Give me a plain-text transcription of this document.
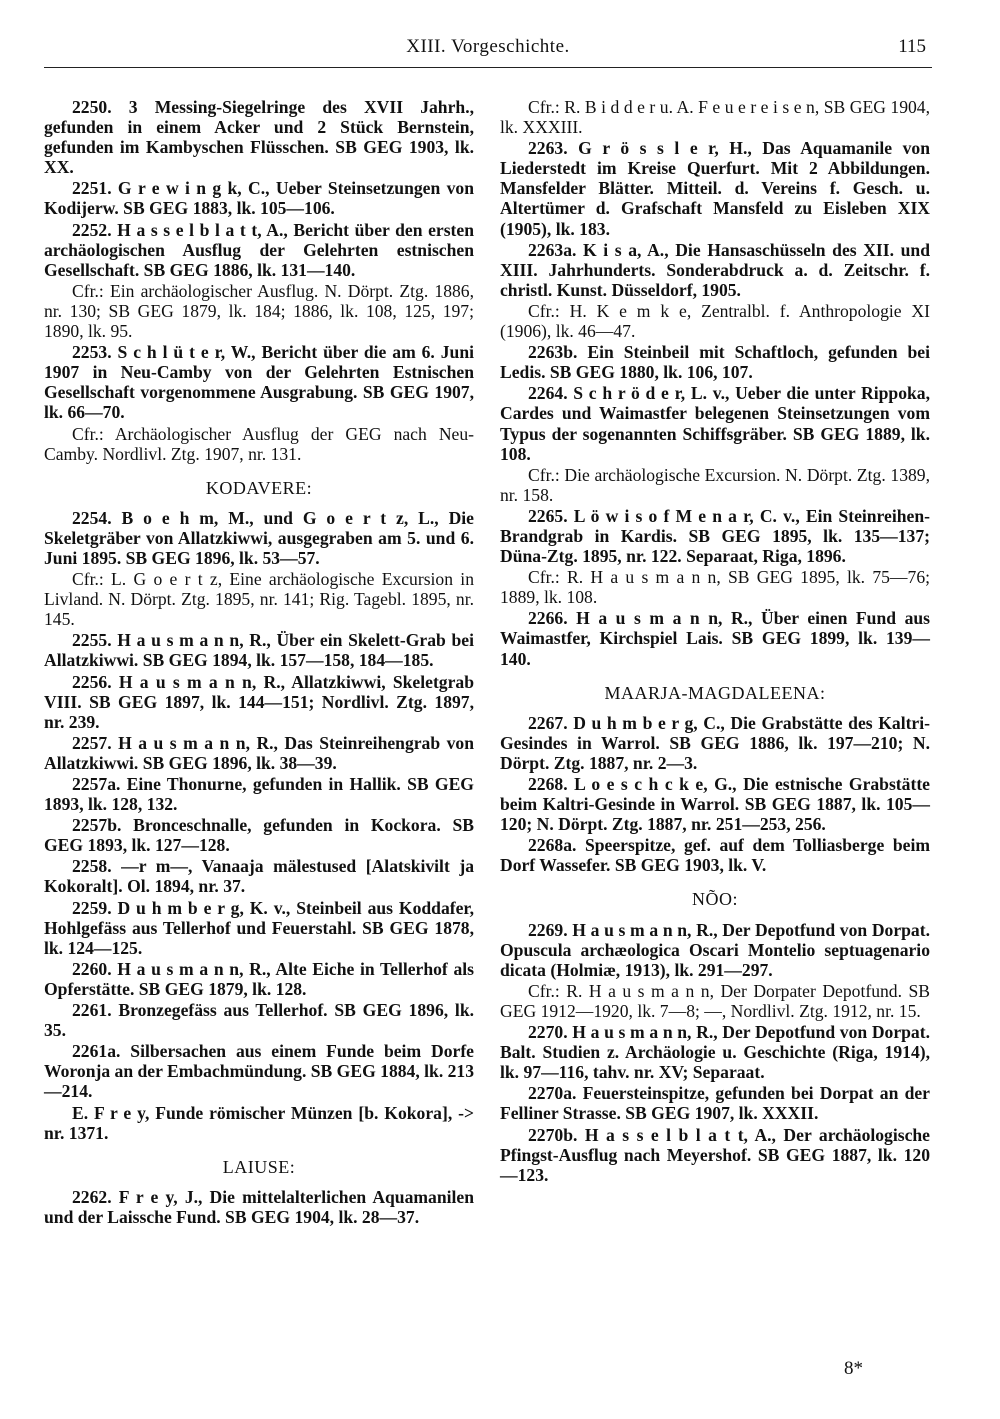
XIII. Vorgeschichte.	115

2250. 3 Messing-Siegelringe des XVII Jahrh., gefunden in einem Acker und 2 Stück Bernstein, gefunden im Kambyschen Flüsschen. SB GEG 1903, lk. XX.

2251. G r e w i n g k, C., Ueber Steinsetzungen von Kodijerw. SB GEG 1883, lk. 105—106.

2252. H a s s e l b l a t t, A., Bericht über den ersten archäologischen Ausflug der Gelehrten estnischen Gesellschaft. SB GEG 1886, lk. 131—140.

Cfr.: Ein archäologischer Ausflug. N. Dörpt. Ztg. 1886, nr. 130; SB GEG 1879, lk. 184; 1886, lk. 108, 125, 197; 1890, lk. 95.

2253. S c h l ü t e r, W., Bericht über die am 6. Juni 1907 in Neu-Camby von der Gelehrten Estnischen Gesellschaft vorgenommene Ausgrabung. SB GEG 1907, lk. 66—70.

Cfr.: Archäologischer Ausflug der GEG nach Neu-Camby. Nordlivl. Ztg. 1907, nr. 131.

KODAVERE:

2254. B o e h m, M., und G o e r t z, L., Die Skeletgräber von Allatzkiwwi, ausgegraben am 5. und 6. Juni 1895. SB GEG 1896, lk. 53—57.

Cfr.: L. G o e r t z, Eine archäologische Excursion in Livland. N. Dörpt. Ztg. 1895, nr. 141; Rig. Tagebl. 1895, nr. 145.

2255. H a u s m a n n, R., Über ein Skelett-Grab bei Allatzkiwwi. SB GEG 1894, lk. 157—158, 184—185.

2256. H a u s m a n n, R., Allatzkiwwi, Skeletgrab VIII. SB GEG 1897, lk. 144—151; Nordlivl. Ztg. 1897, nr. 239.

2257. H a u s m a n n, R., Das Steinreihengrab von Allatzkiwwi. SB GEG 1896, lk. 38—39.

2257a. Eine Thonurne, gefunden in Hallik. SB GEG 1893, lk. 128, 132.

2257b. Bronceschnalle, gefunden in Kockora. SB GEG 1893, lk. 127—128.

2258. —r m—, Vanaaja mälestused [Alatskivilt ja Kokoralt]. Ol. 1894, nr. 37.

2259. D u h m b e r g, K. v., Steinbeil aus Koddafer, Hohlgefäss aus Tellerhof und Feuerstahl. SB GEG 1878, lk. 124—125.

2260. H a u s m a n n, R., Alte Eiche in Tellerhof als Opferstätte. SB GEG 1879, lk. 128.

2261. Bronzegefäss aus Tellerhof. SB GEG 1896, lk. 35.

2261a. Silbersachen aus einem Funde beim Dorfe Woronja an der Embachmündung. SB GEG 1884, lk. 213—214.

E. F r e y, Funde römischer Münzen [b. Kokora], -> nr. 1371.

LAIUSE:

2262. F r e y, J., Die mittelalterlichen Aquamanilen und der Laissche Fund. SB GEG 1904, lk. 28—37.

Cfr.: R. B i d d e r u. A. F e u e r e i s e n, SB GEG 1904, lk. XXXIII.

2263. G r ö s s l e r, H., Das Aquamanile von Liederstedt im Kreise Querfurt. Mit 2 Abbildungen. Mansfelder Blätter. Mitteil. d. Vereins f. Gesch. u. Altertümer d. Grafschaft Mansfeld zu Eisleben XIX (1905), lk. 183.

2263a. K i s a, A., Die Hansaschüsseln des XII. und XIII. Jahrhunderts. Sonderabdruck a. d. Zeitschr. f. christl. Kunst. Düsseldorf, 1905.

Cfr.: H. K e m k e, Zentralbl. f. Anthropologie XI (1906), lk. 46—47.

2263b. Ein Steinbeil mit Schaftloch, gefunden bei Ledis. SB GEG 1880, lk. 106, 107.

2264. S c h r ö d e r, L. v., Ueber die unter Rippoka, Cardes und Waimastfer belegenen Steinsetzungen vom Typus der sogenannten Schiffsgräber. SB GEG 1889, lk. 108.

Cfr.: Die archäologische Excursion. N. Dörpt. Ztg. 1389, nr. 158.

2265. L ö w i s o f M e n a r, C. v., Ein Steinreihen-Brandgrab in Kardis. SB GEG 1895, lk. 135—137; Düna-Ztg. 1895, nr. 122. Separaat, Riga, 1896.

Cfr.: R. H a u s m a n n, SB GEG 1895, lk. 75—76; 1889, lk. 108.

2266. H a u s m a n n, R., Über einen Fund aus Waimastfer, Kirchspiel Lais. SB GEG 1899, lk. 139—140.

MAARJA-MAGDALEENA:

2267. D u h m b e r g, C., Die Grabstätte des Kaltri-Gesindes in Warrol. SB GEG 1886, lk. 197—210; N. Dörpt. Ztg. 1887, nr. 2—3.

2268. L o e s c h c k e, G., Die estnische Grabstätte beim Kaltri-Gesinde in Warrol. SB GEG 1887, lk. 105—120; N. Dörpt. Ztg. 1887, nr. 251—253, 256.

2268a. Speerspitze, gef. auf dem Tolliasberge beim Dorf Wassefer. SB GEG 1903, lk. V.

NÕO:

2269. H a u s m a n n, R., Der Depotfund von Dorpat. Opuscula archæologica Oscari Montelio septuagenario dicata (Holmiæ, 1913), lk. 291—297.

Cfr.: R. H a u s m a n n, Der Dorpater Depotfund. SB GEG 1912—1920, lk. 7—8; —, Nordlivl. Ztg. 1912, nr. 15.

2270. H a u s m a n n, R., Der Depotfund von Dorpat. Balt. Studien z. Archäologie u. Geschichte (Riga, 1914), lk. 97—116, tahv. nr. XV; Separaat.

2270a. Feuersteinspitze, gefunden bei Dorpat an der Felliner Strasse. SB GEG 1907, lk. XXXII.

2270b. H a s s e l b l a t t, A., Der archäologische Pfingst-Ausflug nach Meyershof. SB GEG 1887, lk. 120—123.

8*
